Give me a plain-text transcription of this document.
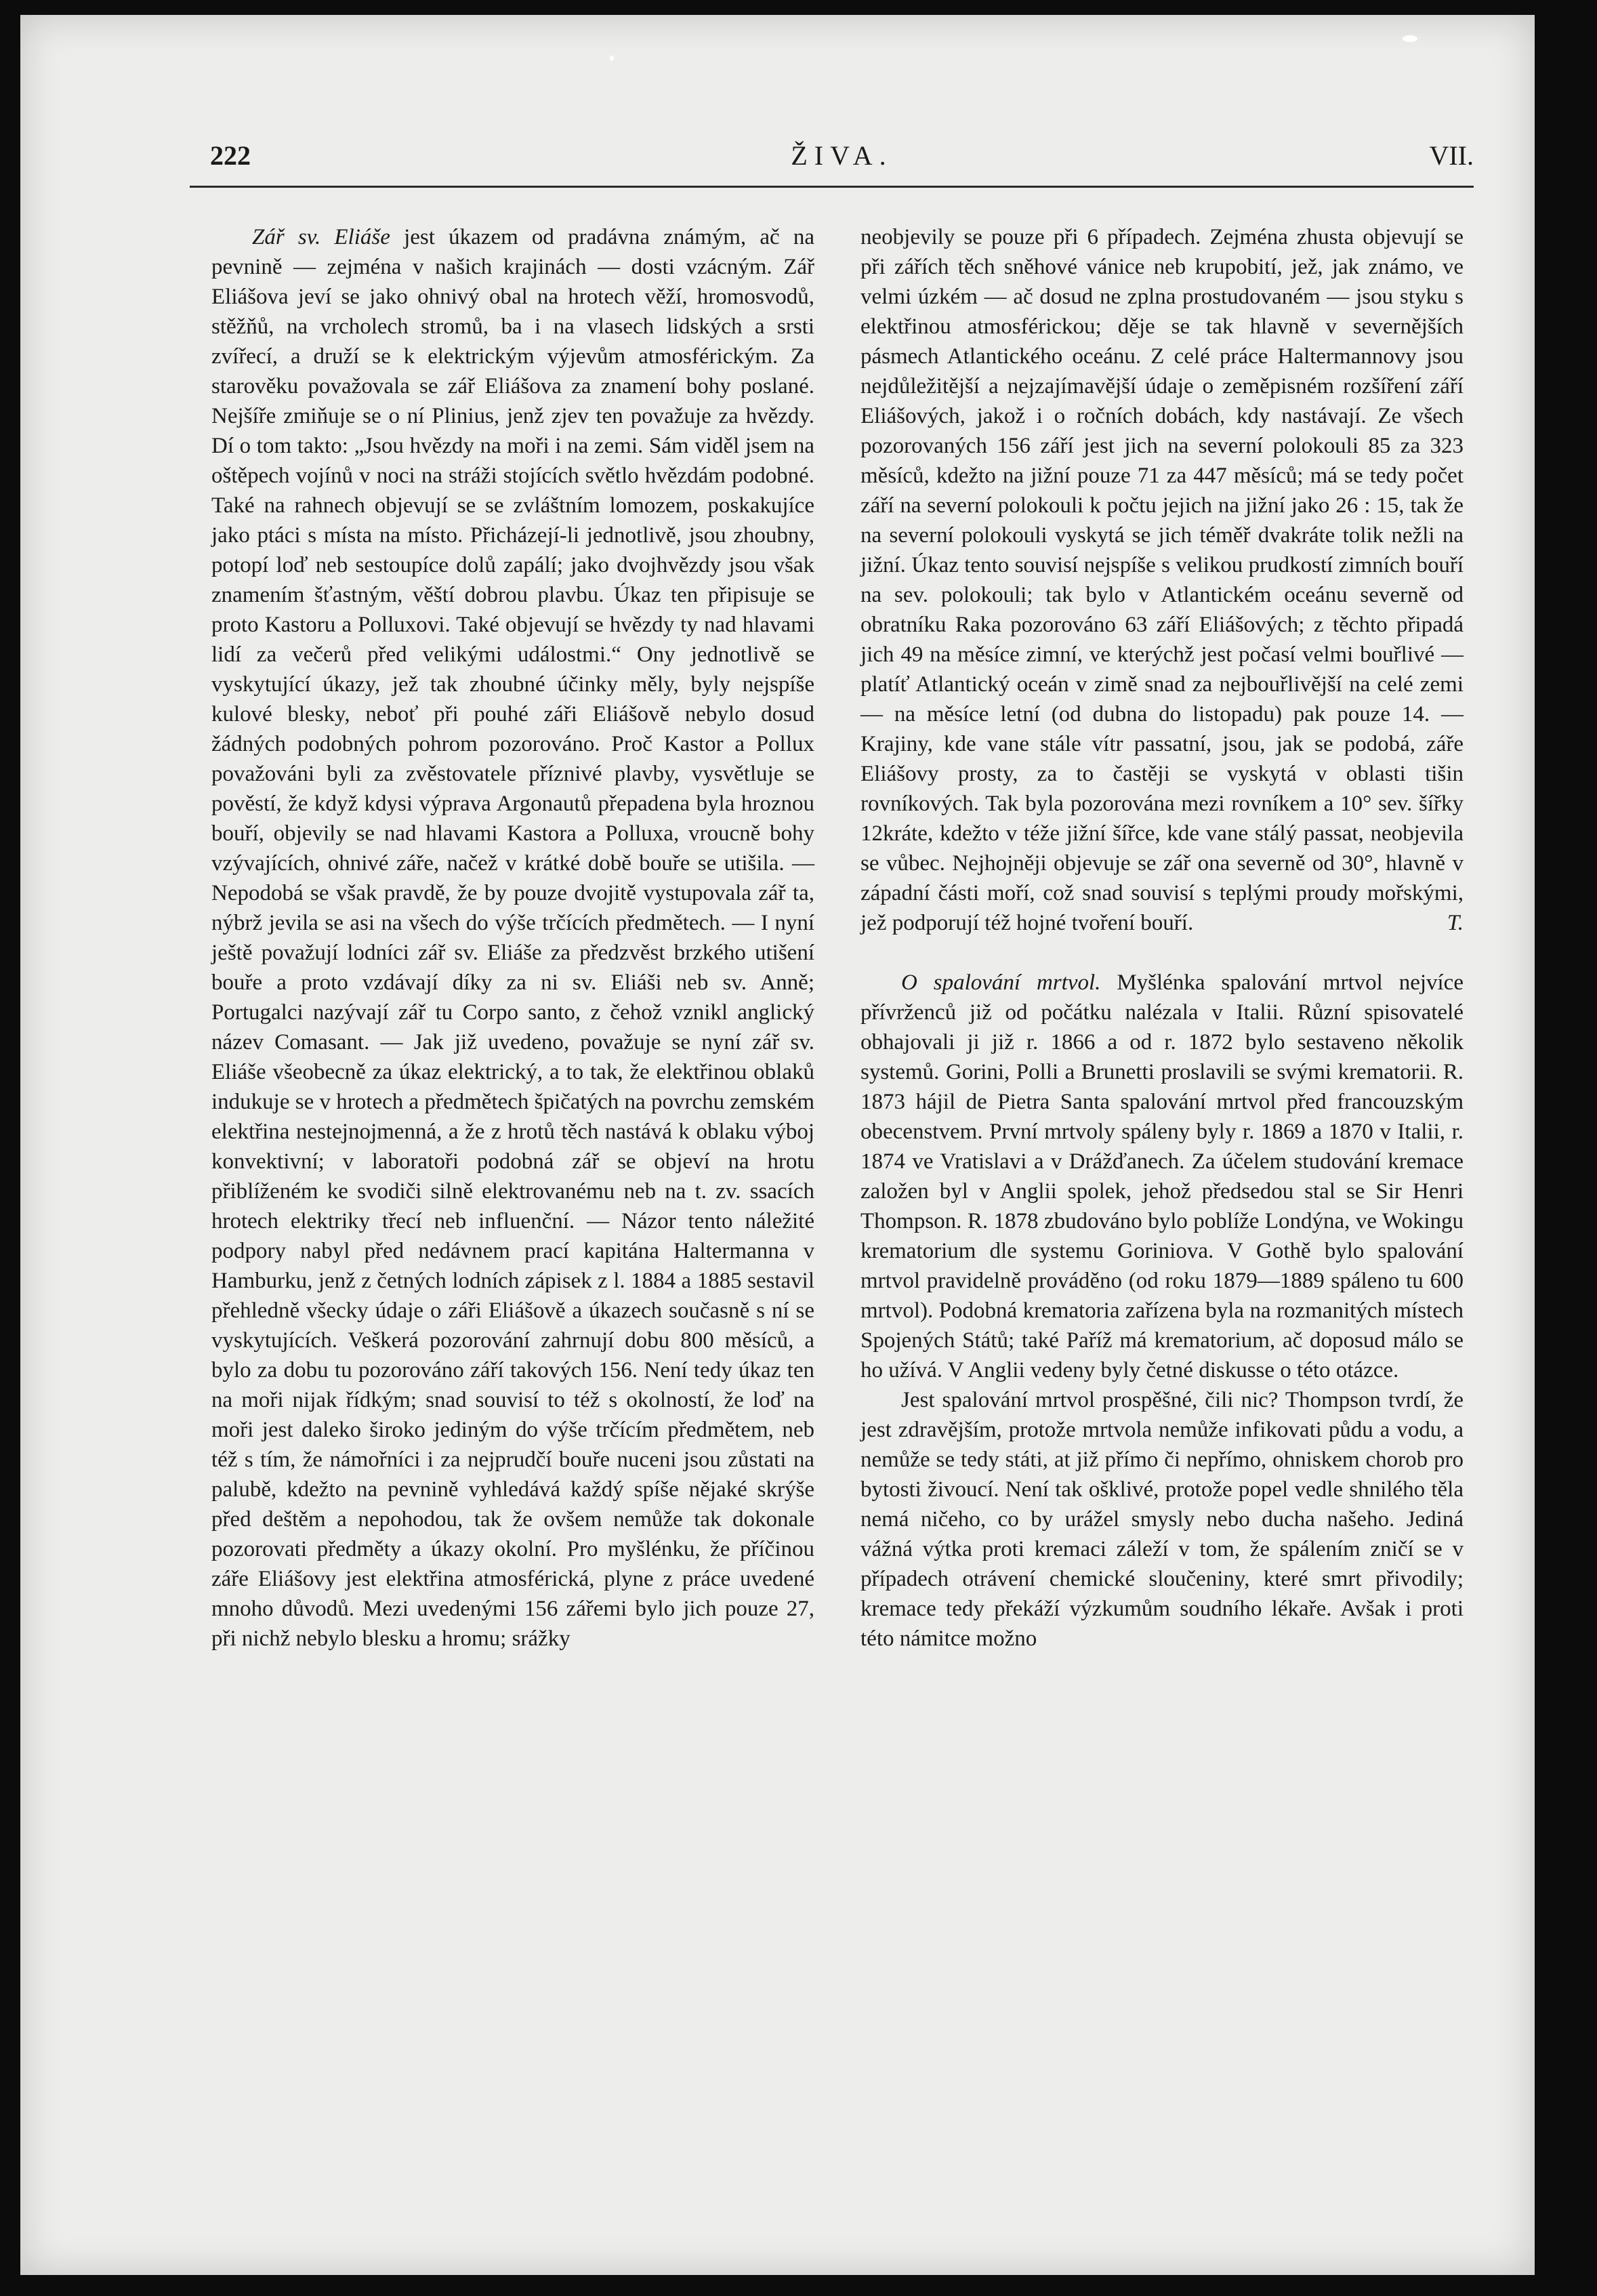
222	ŽIVA.	VII.

Zář sv. Eliáše jest úkazem od pradávna známým, ač na pevnině — zejména v našich krajinách — dosti vzácným. Zář Eliášova jeví se jako ohnivý obal na hrotech věží, hromosvodů, stěžňů, na vrcholech stromů, ba i na vlasech lidských a srsti zvířecí, a druží se k elektrickým výjevům atmosférickým. Za starověku považovala se zář Eliášova za znamení bohy poslané. Nejšíře zmiňuje se o ní Plinius, jenž zjev ten považuje za hvězdy. Dí o tom takto: „Jsou hvězdy na moři i na zemi. Sám viděl jsem na oštěpech vojínů v noci na stráži stojících světlo hvězdám podobné. Také na rahnech objevují se se zvláštním lomozem, poskakujíce jako ptáci s místa na místo. Přicházejí-li jednotlivě, jsou zhoubny, potopí loď neb sestoupíce dolů zapálí; jako dvojhvězdy jsou však znamením šťastným, věští dobrou plavbu. Úkaz ten připisuje se proto Kastoru a Polluxovi. Také objevují se hvězdy ty nad hlavami lidí za večerů před velikými událostmi.“ Ony jednotlivě se vyskytující úkazy, jež tak zhoubné účinky měly, byly nejspíše kulové blesky, neboť při pouhé záři Eliášově nebylo dosud žádných podobných pohrom pozorováno. Proč Kastor a Pollux považováni byli za zvěstovatele příznivé plavby, vysvětluje se pověstí, že když kdysi výprava Argonautů přepadena byla hroznou bouří, objevily se nad hlavami Kastora a Polluxa, vroucně bohy vzývajících, ohnivé záře, načež v krátké době bouře se utišila. — Nepodobá se však pravdě, že by pouze dvojitě vystupovala zář ta, nýbrž jevila se asi na všech do výše trčících předmětech. — I nyní ještě považují lodníci zář sv. Eliáše za předzvěst brzkého utišení bouře a proto vzdávají díky za ni sv. Eliáši neb sv. Anně; Portugalci nazývají zář tu Corpo santo, z čehož vznikl anglický název Comasant. — Jak již uvedeno, považuje se nyní zář sv. Eliáše všeobecně za úkaz elektrický, a to tak, že elektřinou oblaků indukuje se v hrotech a předmětech špičatých na povrchu zemském elektřina nestejnojmenná, a že z hrotů těch nastává k oblaku výboj konvektivní; v laboratoři podobná zář se objeví na hrotu přiblíženém ke svodiči silně elektrovanému neb na t. zv. ssacích hrotech elektriky třecí neb influenční. — Názor tento náležité podpory nabyl před nedávnem prací kapitána Haltermanna v Hamburku, jenž z četných lodních zápisek z l. 1884 a 1885 sestavil přehledně všecky údaje o záři Eliášově a úkazech současně s ní se vyskytujících. Veškerá pozorování zahrnují dobu 800 měsíců, a bylo za dobu tu pozorováno září takových 156. Není tedy úkaz ten na moři nijak řídkým; snad souvisí to též s okolností, že loď na moři jest daleko široko jediným do výše trčícím předmětem, neb též s tím, že námořníci i za nejprudčí bouře nuceni jsou zůstati na palubě, kdežto na pevnině vyhledává každý spíše nějaké skrýše před deštěm a nepohodou, tak že ovšem nemůže tak dokonale pozorovati předměty a úkazy okolní. Pro myšlénku, že příčinou záře Eliášovy jest elektřina atmosférická, plyne z práce uvedené mnoho důvodů. Mezi uvedenými 156 zářemi bylo jich pouze 27, při nichž nebylo blesku a hromu; srážky

neobjevily se pouze při 6 případech. Zejména zhusta objevují se při zářích těch sněhové vánice neb krupobití, jež, jak známo, ve velmi úzkém — ač dosud ne zplna prostudovaném — jsou styku s elektřinou atmosférickou; děje se tak hlavně v severnějších pásmech Atlantického oceánu. Z celé práce Haltermannovy jsou nejdůležitější a nejzajímavější údaje o zeměpisném rozšíření září Eliášových, jakož i o ročních dobách, kdy nastávají. Ze všech pozorovaných 156 září jest jich na severní polokouli 85 za 323 měsíců, kdežto na jižní pouze 71 za 447 měsíců; má se tedy počet září na severní polokouli k počtu jejich na jižní jako 26 : 15, tak že na severní polokouli vyskytá se jich téměř dvakráte tolik nežli na jižní. Úkaz tento souvisí nejspíše s velikou prudkostí zimních bouří na sev. polokouli; tak bylo v Atlantickém oceánu severně od obratníku Raka pozorováno 63 září Eliášových; z těchto připadá jich 49 na měsíce zimní, ve kterýchž jest počasí velmi bouřlivé — platíť Atlantický oceán v zimě snad za nejbouřlivější na celé zemi — na měsíce letní (od dubna do listopadu) pak pouze 14. — Krajiny, kde vane stále vítr passatní, jsou, jak se podobá, záře Eliášovy prosty, za to častěji se vyskytá v oblasti tišin rovníkových. Tak byla pozorována mezi rovníkem a 10° sev. šířky 12kráte, kdežto v téže jižní šířce, kde vane stálý passat, neobjevila se vůbec. Nejhojněji objevuje se zář ona severně od 30°, hlavně v západní části moří, což snad souvisí s teplými proudy mořskými, jež podporují též hojné tvoření bouří.	T.

O spalování mrtvol. Myšlénka spalování mrtvol nejvíce přívrženců již od počátku nalézala v Italii. Různí spisovatelé obhajovali ji již r. 1866 a od r. 1872 bylo sestaveno několik systemů. Gorini, Polli a Brunetti proslavili se svými krematorii. R. 1873 hájil de Pietra Santa spalování mrtvol před francouzským obecenstvem. První mrtvoly spáleny byly r. 1869 a 1870 v Italii, r. 1874 ve Vratislavi a v Drážďanech. Za účelem studování kremace založen byl v Anglii spolek, jehož předsedou stal se Sir Henri Thompson. R. 1878 zbudováno bylo poblíže Londýna, ve Wokingu krematorium dle systemu Goriniova. V Gothě bylo spalování mrtvol pravidelně prováděno (od roku 1879—1889 spáleno tu 600 mrtvol). Podobná krematoria zařízena byla na rozmanitých místech Spojených Států; také Paříž má krematorium, ač doposud málo se ho užívá. V Anglii vedeny byly četné diskusse o této otázce.

Jest spalování mrtvol prospěšné, čili nic? Thompson tvrdí, že jest zdravějším, protože mrtvola nemůže infikovati půdu a vodu, a nemůže se tedy státi, at již přímo či nepřímo, ohniskem chorob pro bytosti živoucí. Není tak ošklivé, protože popel vedle shnilého těla nemá ničeho, co by urážel smysly nebo ducha našeho. Jediná vážná výtka proti kremaci záleží v tom, že spálením zničí se v případech otrávení chemické sloučeniny, které smrt přivodily; kremace tedy překáží výzkumům soudního lékaře. Avšak i proti této námitce možno
